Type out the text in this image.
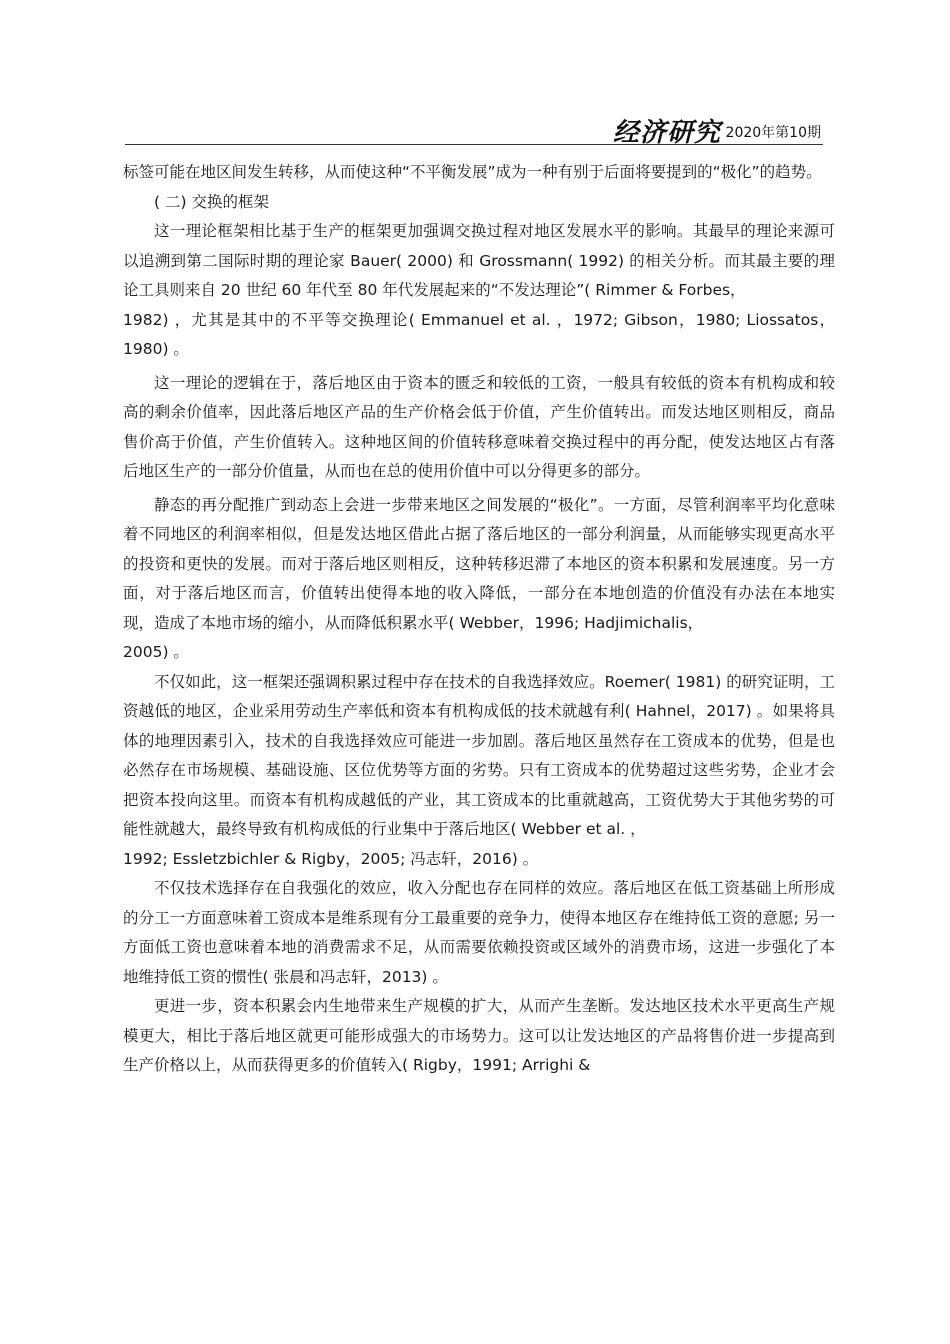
经济研究 2020年第10期

标签可能在地区间发生转移，从而使这种“不平衡发展”成为一种有别于后面将要提到的“极化”的趋势。

( 二) 交换的框架

这一理论框架相比基于生产的框架更加强调交换过程对地区发展水平的影响。其最早的理论来源可以追溯到第二国际时期的理论家 Bauer( 2000) 和 Grossmann( 1992) 的相关分析。而其最主要的理论工具则来自 20 世纪 60 年代至 80 年代发展起来的“不发达理论”( Rimmer & Forbes，

1982) ，尤其是其中的不平等交换理论( Emmanuel et al. ，1972; Gibson，1980; Liossatos，1980) 。

这一理论的逻辑在于，落后地区由于资本的匮乏和较低的工资，一般具有较低的资本有机构成和较高的剩余价值率，因此落后地区产品的生产价格会低于价值，产生价值转出。而发达地区则相反，商品售价高于价值，产生价值转入。这种地区间的价值转移意味着交换过程中的再分配，使发达地区占有落后地区生产的一部分价值量，从而也在总的使用价值中可以分得更多的部分。

静态的再分配推广到动态上会进一步带来地区之间发展的“极化”。一方面，尽管利润率平均化意味着不同地区的利润率相似，但是发达地区借此占据了落后地区的一部分利润量，从而能够实现更高水平的投资和更快的发展。而对于落后地区则相反，这种转移迟滞了本地区的资本积累和发展速度。另一方面，对于落后地区而言，价值转出使得本地的收入降低，一部分在本地创造的价值没有办法在本地实现，造成了本地市场的缩小，从而降低积累水平( Webber，1996; Hadjimichalis，

2005) 。

不仅如此，这一框架还强调积累过程中存在技术的自我选择效应。Roemer( 1981) 的研究证明，工资越低的地区，企业采用劳动生产率低和资本有机构成低的技术就越有利( Hahnel，2017) 。如果将具体的地理因素引入，技术的自我选择效应可能进一步加剧。落后地区虽然存在工资成本的优势，但是也必然存在市场规模、基础设施、区位优势等方面的劣势。只有工资成本的优势超过这些劣势，企业才会把资本投向这里。而资本有机构成越低的产业，其工资成本的比重就越高，工资优势大于其他劣势的可能性就越大，最终导致有机构成低的行业集中于落后地区( Webber et al. ，

1992; Essletzbichler & Rigby，2005; 冯志轩，2016) 。

不仅技术选择存在自我强化的效应，收入分配也存在同样的效应。落后地区在低工资基础上所形成的分工一方面意味着工资成本是维系现有分工最重要的竞争力，使得本地区存在维持低工资的意愿; 另一方面低工资也意味着本地的消费需求不足，从而需要依赖投资或区域外的消费市场，这进一步强化了本地维持低工资的惯性( 张晨和冯志轩，2013) 。

更进一步，资本积累会内生地带来生产规模的扩大，从而产生垄断。发达地区技术水平更高生产规模更大，相比于落后地区就更可能形成强大的市场势力。这可以让发达地区的产品将售价进一步提高到生产价格以上，从而获得更多的价值转入( Rigby，1991; Arrighi &
